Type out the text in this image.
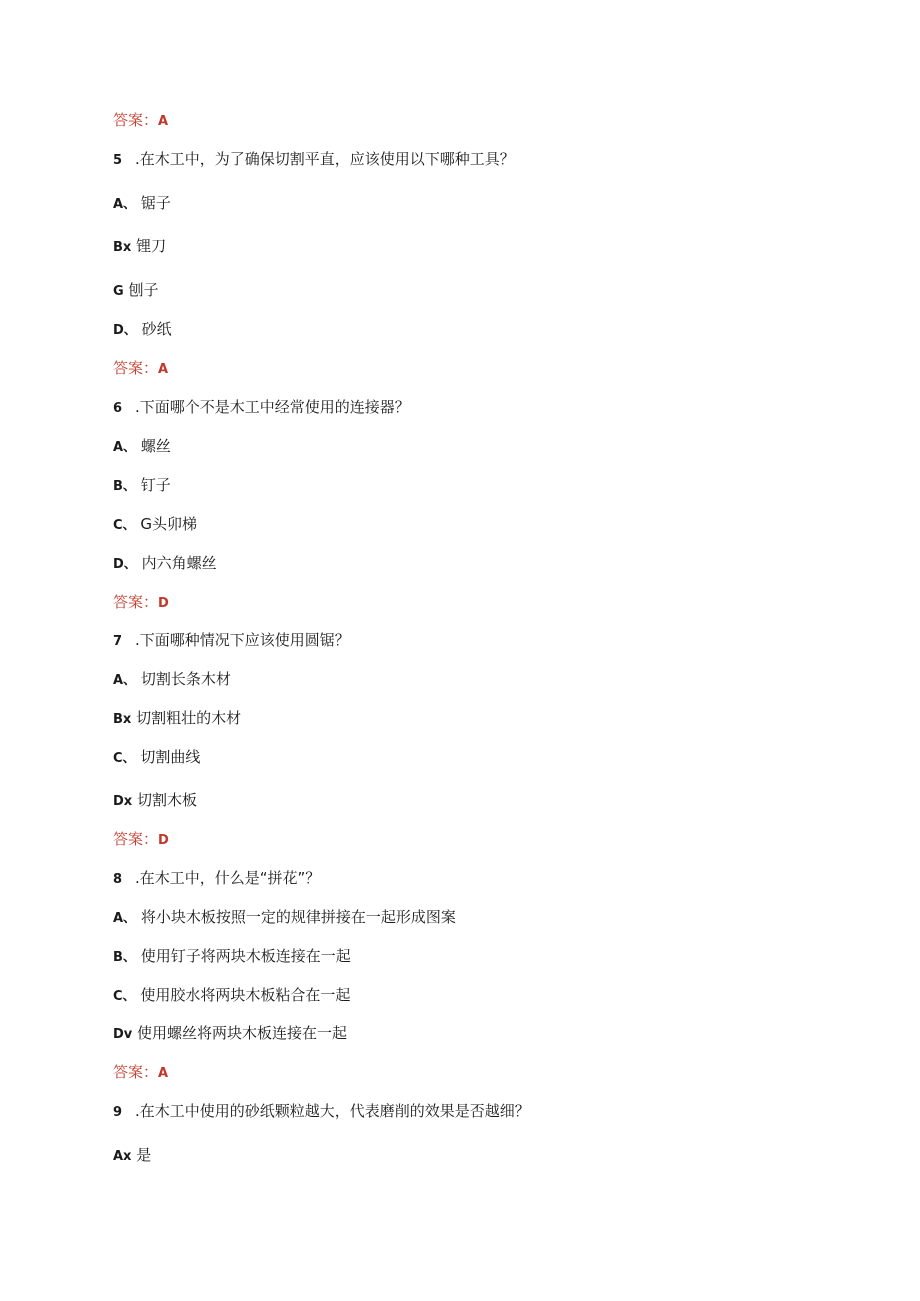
答案：A
5 .在木工中，为了确保切割平直，应该使用以下哪种工具？
A、 锯子
Bx 锂刀
G 刨子
D、 砂纸
答案：A
6 .下面哪个不是木工中经常使用的连接器？
A、 螺丝
B、 钉子
C、 G头卯梯
D、 内六角螺丝
答案：D
7 .下面哪种情况下应该使用圆锯？
A、 切割长条木材
Bx 切割粗壮的木材
C、 切割曲线
Dx 切割木板
答案：D
8 .在木工中，什么是“拼花”？
A、 将小块木板按照一定的规律拼接在一起形成图案
B、 使用钉子将两块木板连接在一起
C、 使用胶水将两块木板粘合在一起
Dv 使用螺丝将两块木板连接在一起
答案：A
9 .在木工中使用的砂纸颗粒越大，代表磨削的效果是否越细？
Ax 是
